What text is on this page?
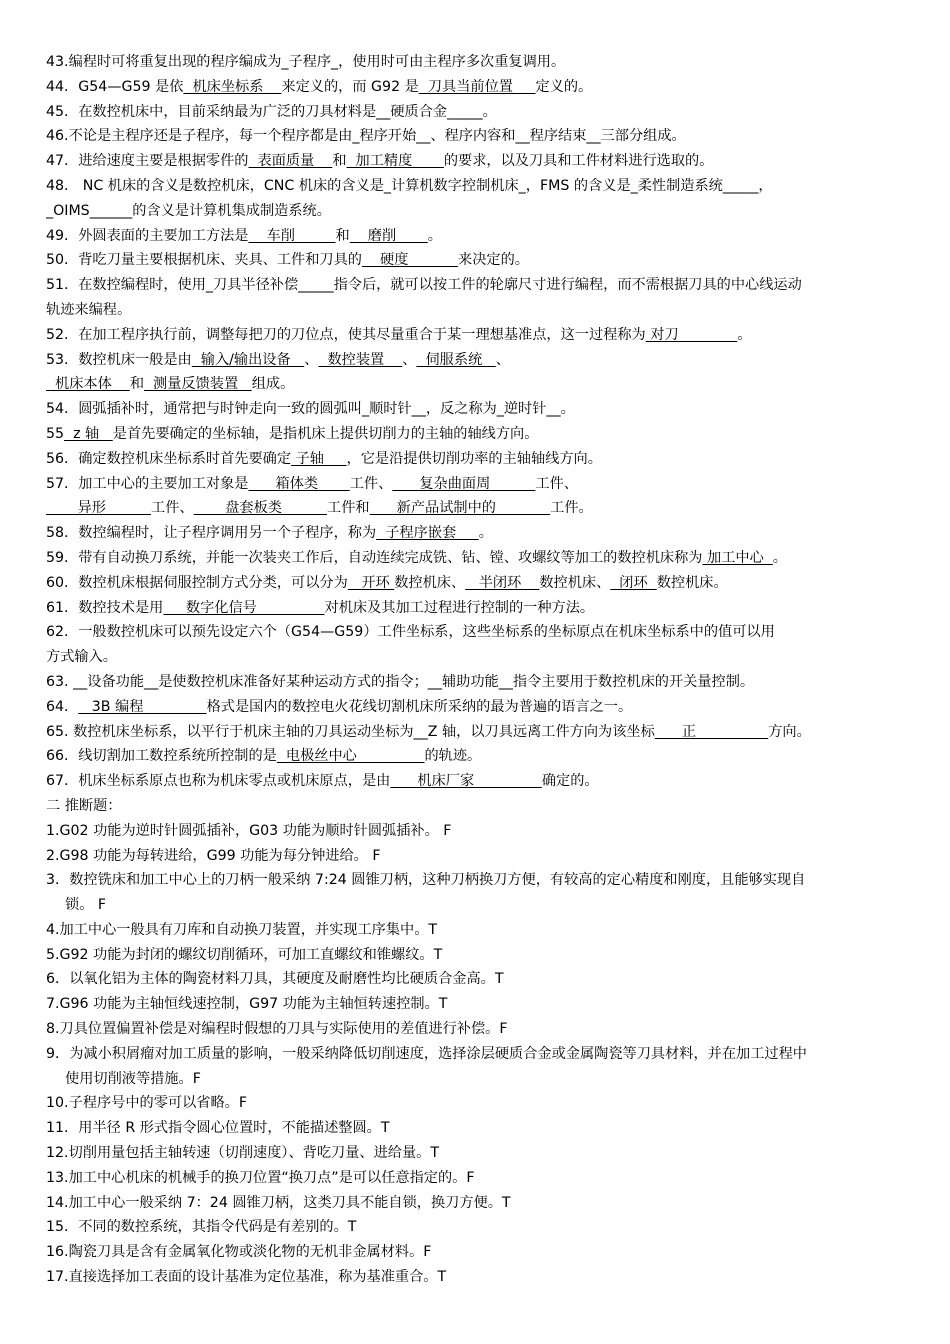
43.编程时可将重复出现的程序编成为_子程序_，使用时可由主程序多次重复调用。
44．G54—G59 是依  机床坐标系    来定义的，而 G92 是  刀具当前位置     定义的。
45．在数控机床中，目前采纳最为广泛的刀具材料是__硬质合金_____。
46.不论是主程序还是子程序，每一个程序都是由_程序开始__、程序内容和__程序结束__三部分组成。
47．进给速度主要是根据零件的  表面质量    和  加工精度       的要求，以及刀具和工件材料进行选取的。
48． NC 机床的含义是数控机床，CNC 机床的含义是_计算机数字控制机床_，FMS 的含义是_柔性制造系统_____，
_OIMS______的含义是计算机集成制造系统。
49．外圆表面的主要加工方法是    车削         和    磨削       。
50．背吃刀量主要根据机床、夹具、工件和刀具的    硬度           来决定的。
51．在数控编程时，使用_刀具半径补偿_____指令后，就可以按工件的轮廓尺寸进行编程，而不需根据刀具的中心线运动
轨迹来编程。
52．在加工程序执行前，调整每把刀的刀位点，使其尽量重合于某一理想基准点，这一过程称为 对刀             。
53．数控机床一般是由  输入/输出设备   、  数控装置    、  伺服系统   、
机床本体    和  测量反馈装置   组成。
54．圆弧插补时，通常把与时钟走向一致的圆弧叫_顺时针__，反之称为_逆时针__。
55  z 轴   是首先要确定的坐标轴，是指机床上提供切削力的主轴的轴线方向。
56．确定数控机床坐标系时首先要确定 子轴     ，它是沿提供切削功率的主轴轴线方向。
57．加工中心的主要加工对象是      箱体类       工件、      复杂曲面周          工件、
异形          工件、       盘套板类          工件和      新产品试制中的            工件。
58．数控编程时，让子程序调用另一个子程序，称为  子程序嵌套     。
59．带有自动换刀系统，并能一次装夹工作后，自动连续完成铣、钻、镗、攻螺纹等加工的数控机床称为 加工中心  。
60．数控机床根据伺服控制方式分类，可以分为   开环 数控机床、   半闭环    数控机床、  闭环  数控机床。
61．数控技术是用     数字化信号               对机床及其加工过程进行控制的一种方法。
62．一般数控机床可以预先设定六个（G54—G59）工件坐标系，这些坐标系的坐标原点在机床坐标系中的值可以用
方式输入。
63. __设备功能__是使数控机床准备好某种运动方式的指令；__辅助功能__指令主要用于数控机床的开关量控制。
64．   3B 编程              格式是国内的数控电火花线切割机床所采纳的最为普遍的语言之一。
65. 数控机床坐标系，以平行于机床主轴的刀具运动坐标为__Z 轴，以刀具远离工件方向为该坐标      正                方向。
66．线切割加工数控系统所控制的是  电极丝中心               的轨迹。
67．机床坐标系原点也称为机床零点或机床原点，是由      机床厂家               确定的。
二 推断题：
1.G02 功能为逆时针圆弧插补，G03 功能为顺时针圆弧插补。 F
2.G98 功能为每转进给，G99 功能为每分钟进给。 F
3．数控铣床和加工中心上的刀柄一般采纳 7:24 圆锥刀柄，这种刀柄换刀方便，有较高的定心精度和刚度，且能够实现自
锁。 F
4.加工中心一般具有刀库和自动换刀装置，并实现工序集中。T
5.G92 功能为封闭的螺纹切削循环，可加工直螺纹和锥螺纹。T
6．以氧化铝为主体的陶瓷材料刀具，其硬度及耐磨性均比硬质合金高。T
7.G96 功能为主轴恒线速控制，G97 功能为主轴恒转速控制。T
8.刀具位置偏置补偿是对编程时假想的刀具与实际使用的差值进行补偿。F
9．为减小积屑瘤对加工质量的影响，一般采纳降低切削速度，选择涂层硬质合金或金属陶瓷等刀具材料，并在加工过程中
使用切削液等措施。F
10.子程序号中的零可以省略。F
11．用半径 R 形式指令圆心位置时，不能描述整圆。T
12.切削用量包括主轴转速（切削速度）、背吃刀量、进给量。T
13.加工中心机床的机械手的换刀位置“换刀点”是可以任意指定的。F
14.加工中心一般采纳 7：24 圆锥刀柄，这类刀具不能自锁，换刀方便。T
15．不同的数控系统，其指令代码是有差别的。T
16.陶瓷刀具是含有金属氧化物或淡化物的无机非金属材料。F
17.直接选择加工表面的设计基准为定位基准，称为基准重合。T
